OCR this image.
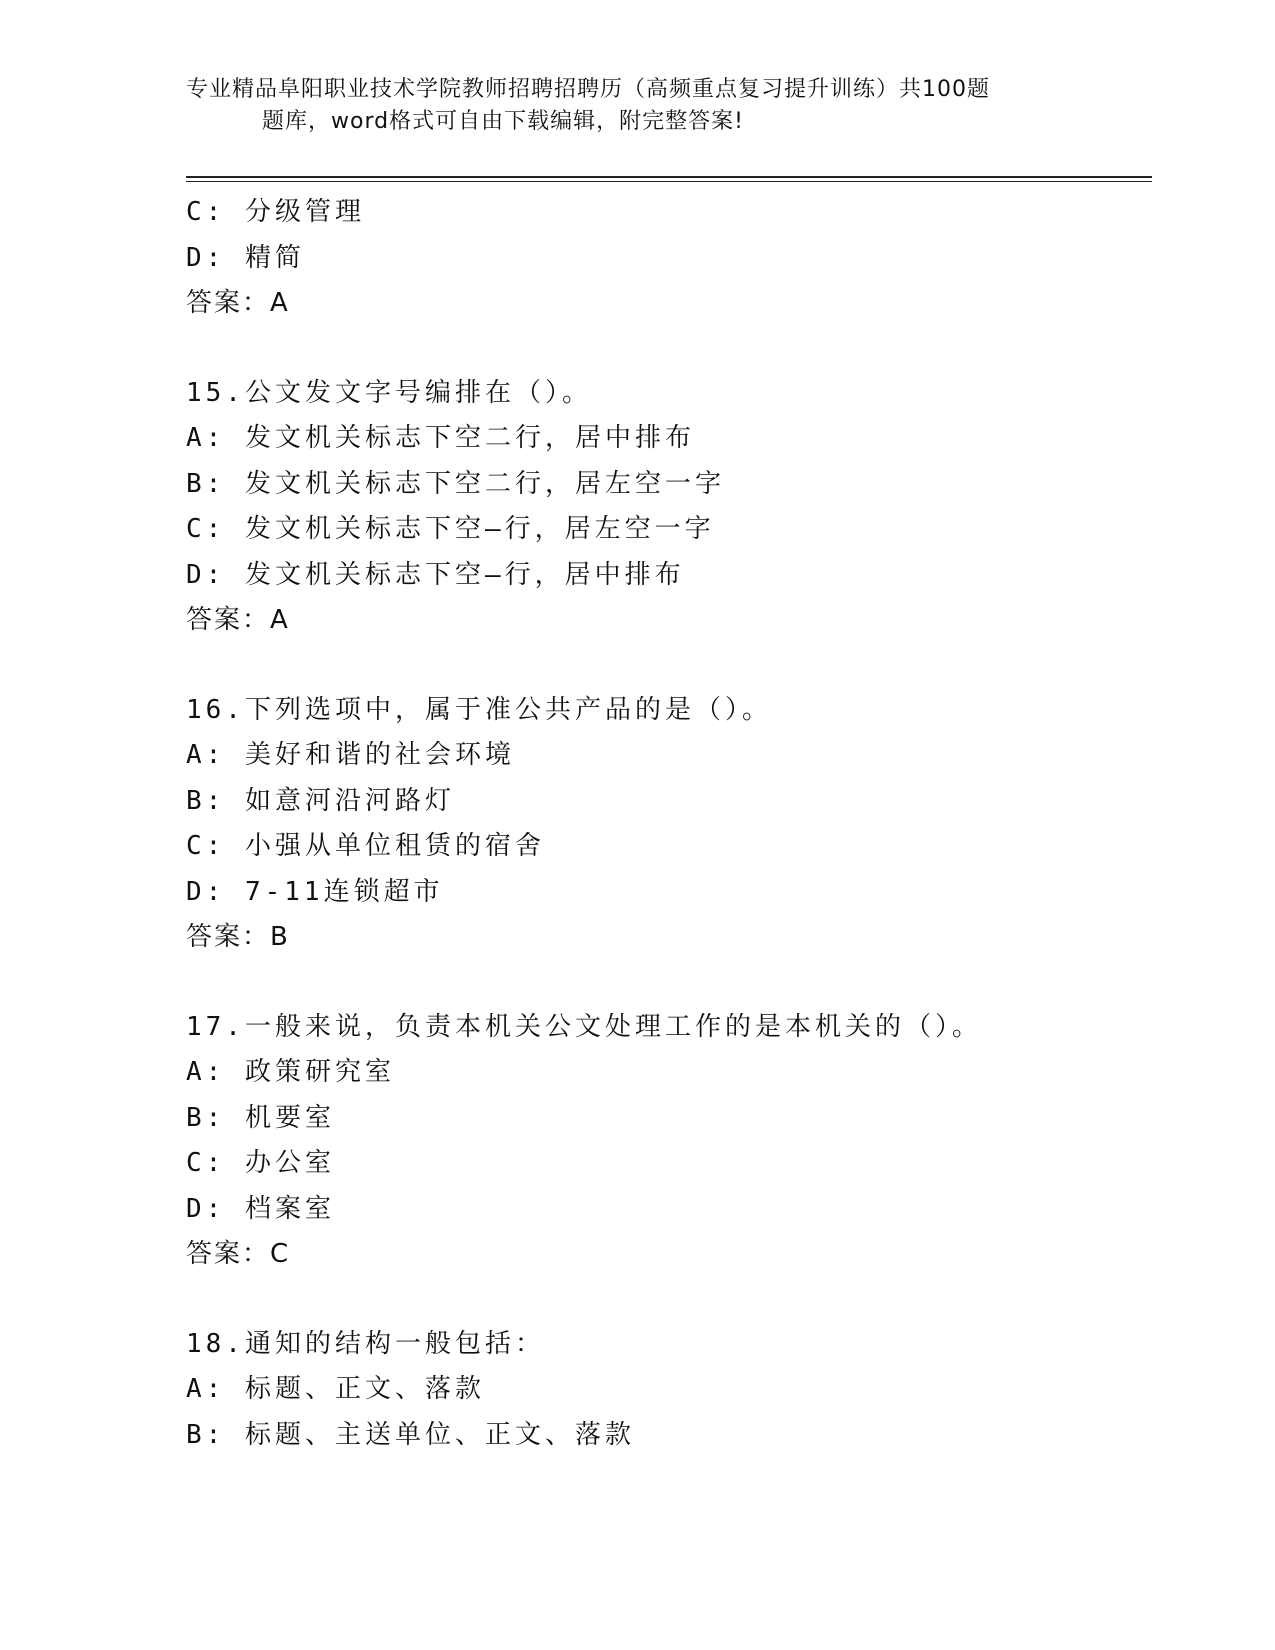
专业精品阜阳职业技术学院教师招聘招聘历（高频重点复习提升训练）共100题
题库，word格式可自由下载编辑，附完整答案!
C: 分级管理
D: 精简
答案：A
15.公文发文字号编排在（）。
A: 发文机关标志下空二行，居中排布
B: 发文机关标志下空二行，居左空一字
C: 发文机关标志下空—行，居左空一字
D: 发文机关标志下空—行，居中排布
答案：A
16.下列选项中，属于准公共产品的是（）。
A: 美好和谐的社会环境
B: 如意河沿河路灯
C: 小强从单位租赁的宿舍
D: 7-11连锁超市
答案：B
17.一般来说，负责本机关公文处理工作的是本机关的（）。
A: 政策研究室
B: 机要室
C: 办公室
D: 档案室
答案：C
18.通知的结构一般包括：
A: 标题、正文、落款
B: 标题、主送单位、正文、落款
